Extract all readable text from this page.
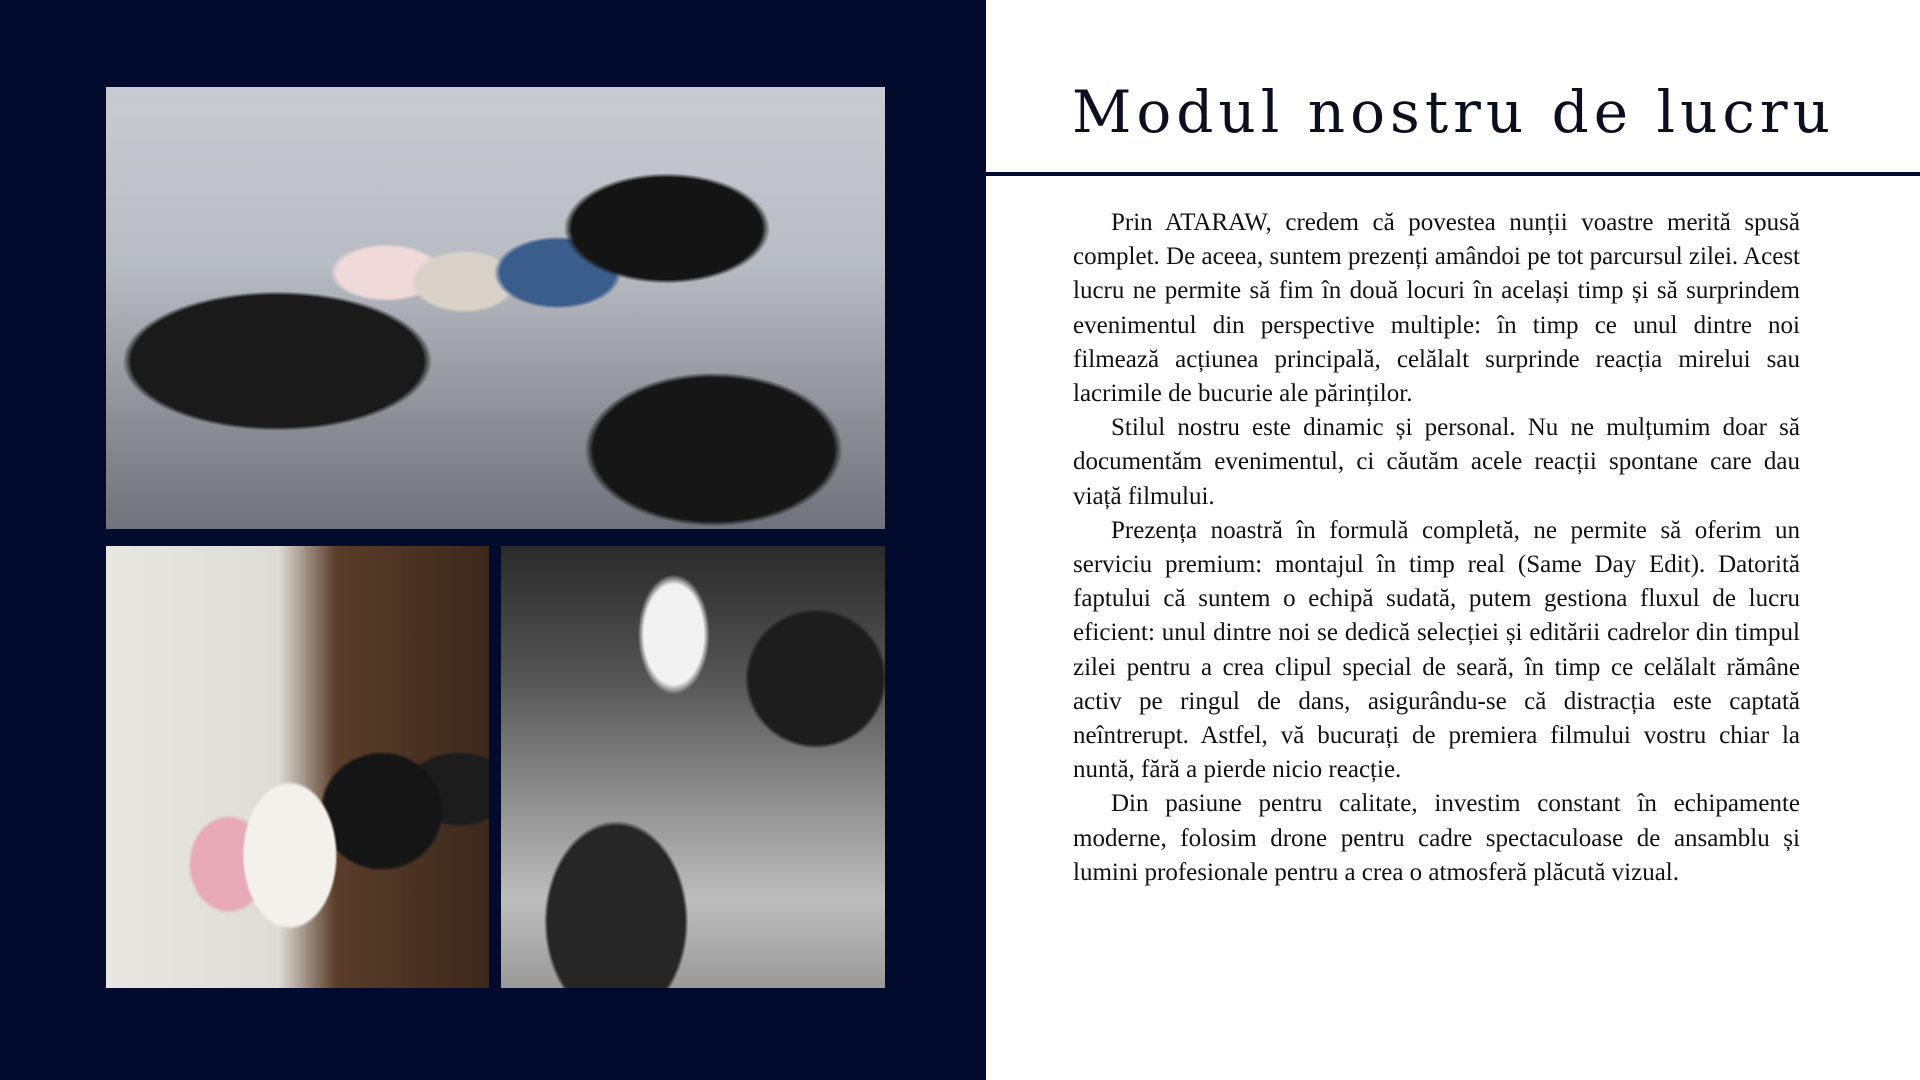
Modul nostru de lucru

Prin ATARAW, credem că povestea nunții voastre merită spusă complet. De aceea, suntem prezenți amândoi pe tot parcursul zilei. Acest lucru ne permite să fim în două locuri în același timp și să surprindem evenimentul din perspective multiple: în timp ce unul dintre noi filmează acțiunea principală, celălalt surprinde reacția mirelui sau lacrimile de bucurie ale părinților.

Stilul nostru este dinamic și personal. Nu ne mulțumim doar să documentăm evenimentul, ci căutăm acele reacții spontane care dau viață filmului.

Prezența noastră în formulă completă, ne permite să oferim un serviciu premium: montajul în timp real (Same Day Edit). Datorită faptului că suntem o echipă sudată, putem gestiona fluxul de lucru eficient: unul dintre noi se dedică selecției și editării cadrelor din timpul zilei pentru a crea clipul special de seară, în timp ce celălalt rămâne activ pe ringul de dans, asigurându-se că distracția este captată neîntrerupt. Astfel, vă bucurați de premiera filmului vostru chiar la nuntă, fără a pierde nicio reacție.

Din pasiune pentru calitate, investim constant în echipamente moderne, folosim drone pentru cadre spectaculoase de ansamblu și lumini profesionale pentru a crea o atmosferă plăcută vizual.
